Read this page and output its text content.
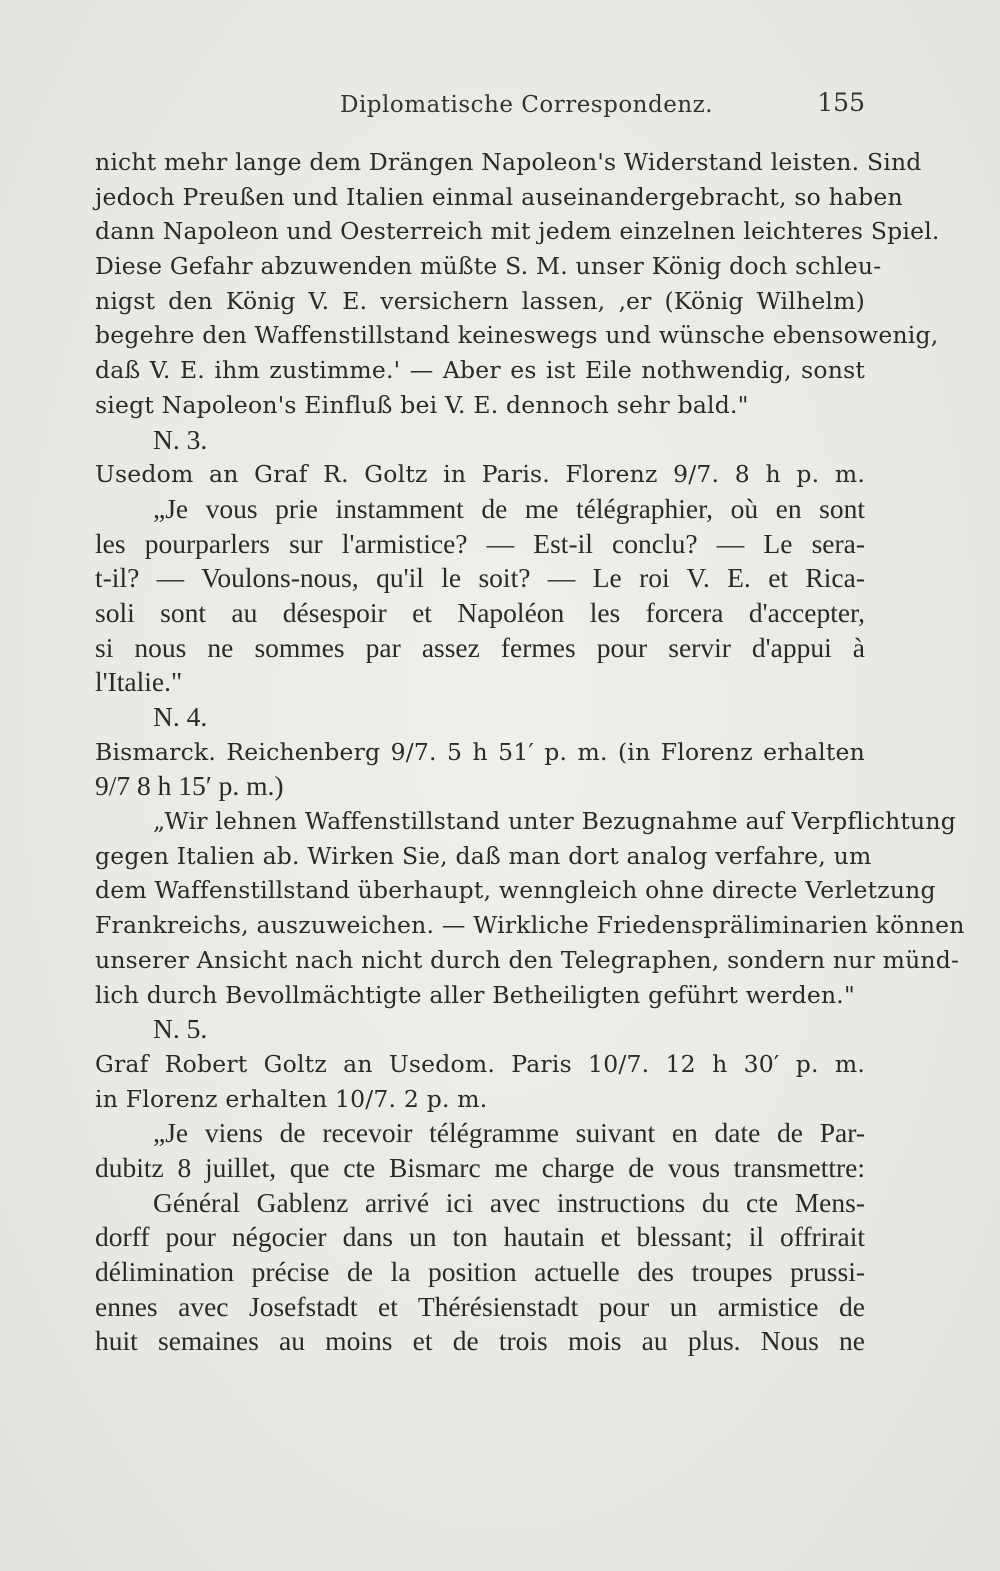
Diplomatische Correspondenz.	155
nicht mehr lange dem Drängen Napoleon's Widerstand leisten. Sind
jedoch Preußen und Italien einmal auseinandergebracht, so haben
dann Napoleon und Oesterreich mit jedem einzelnen leichteres Spiel.
Diese Gefahr abzuwenden müßte S. M. unser König doch schleu-
nigst den König V. E. versichern lassen, ‚er (König Wilhelm)
begehre den Waffenstillstand keineswegs und wünsche ebensowenig,
daß V. E. ihm zustimme.' — Aber es ist Eile nothwendig, sonst
siegt Napoleon's Einfluß bei V. E. dennoch sehr bald."
N. 3.
Usedom an Graf R. Goltz in Paris. Florenz 9/7. 8 h p. m.
„Je vous prie instamment de me télégraphier, où en sont
les pourparlers sur l'armistice? — Est-il conclu? — Le sera-
t-il? — Voulons-nous, qu'il le soit? — Le roi V. E. et Rica-
soli sont au désespoir et Napoléon les forcera d'accepter,
si nous ne sommes par assez fermes pour servir d'appui à
l'Italie."
N. 4.
Bismarck. Reichenberg 9/7. 5 h 51′ p. m. (in Florenz erhalten
9/7 8 h 15′ p. m.)
„Wir lehnen Waffenstillstand unter Bezugnahme auf Verpflichtung
gegen Italien ab. Wirken Sie, daß man dort analog verfahre, um
dem Waffenstillstand überhaupt, wenngleich ohne directe Verletzung
Frankreichs, auszuweichen. — Wirkliche Friedenspräliminarien können
unserer Ansicht nach nicht durch den Telegraphen, sondern nur münd-
lich durch Bevollmächtigte aller Betheiligten geführt werden."
N. 5.
Graf Robert Goltz an Usedom. Paris 10/7. 12 h 30′ p. m.
in Florenz erhalten 10/7. 2 p. m.
„Je viens de recevoir télégramme suivant en date de Par-
dubitz 8 juillet, que cte Bismarc me charge de vous transmettre:
Général Gablenz arrivé ici avec instructions du cte Mens-
dorff pour négocier dans un ton hautain et blessant; il offrirait
délimination précise de la position actuelle des troupes prussi-
ennes avec Josefstadt et Thérésienstadt pour un armistice de
huit semaines au moins et de trois mois au plus. Nous ne
